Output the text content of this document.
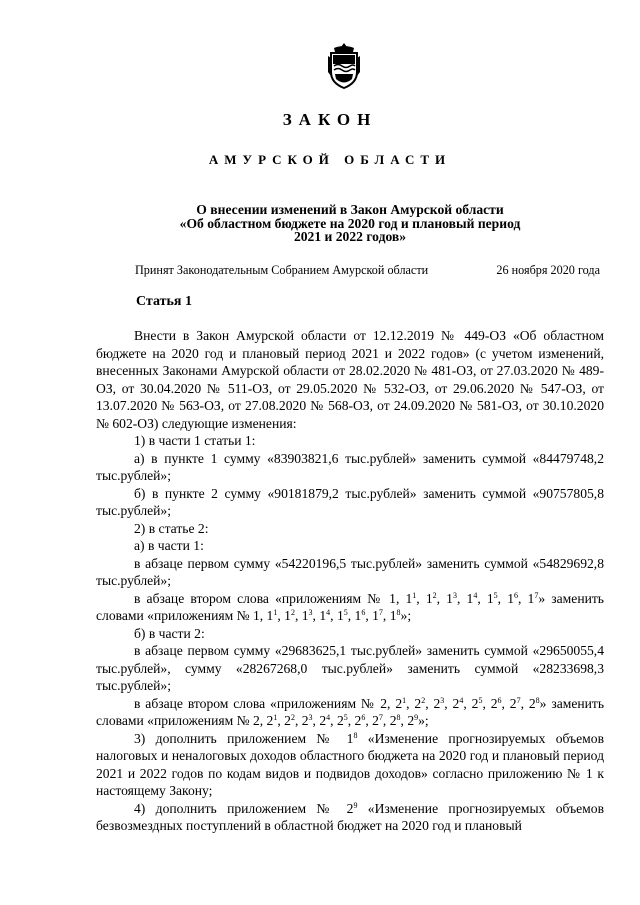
ЗАКОН
АМУРСКОЙ ОБЛАСТИ
О внесении изменений в Закон Амурской области
«Об областном бюджете на 2020 год и плановый период
2021 и 2022 годов»
Принят Законодательным Собранием Амурской области	26 ноября 2020 года
Статья 1

Внести в Закон Амурской области от 12.12.2019 № 449-ОЗ «Об областном бюджете на 2020 год и плановый период 2021 и 2022 годов» (с учетом изменений, внесенных Законами Амурской области от 28.02.2020 № 481-ОЗ, от 27.03.2020 № 489-ОЗ, от 30.04.2020 № 511-ОЗ, от 29.05.2020 № 532-ОЗ, от 29.06.2020 № 547-ОЗ, от 13.07.2020 № 563-ОЗ, от 27.08.2020 № 568-ОЗ, от 24.09.2020 № 581-ОЗ, от 30.10.2020 № 602-ОЗ) следующие изменения:

1) в части 1 статьи 1:

а) в пункте 1 сумму «83903821,6 тыс.рублей» заменить суммой «84479748,2 тыс.рублей»;

б) в пункте 2 сумму «90181879,2 тыс.рублей» заменить суммой «90757805,8 тыс.рублей»;

2) в статье 2:

а) в части 1:

в абзаце первом сумму «54220196,5 тыс.рублей» заменить суммой «54829692,8 тыс.рублей»;

в абзаце втором слова «приложениям № 1, $1^1$, $1^2$, $1^3$, $1^4$, $1^5$, $1^6$, $1^7$» заменить словами «приложениям № 1, $1^1$, $1^2$, $1^3$, $1^4$, $1^5$, $1^6$, $1^7$, $1^8$»;

б) в части 2:

в абзаце первом сумму «29683625,1 тыс.рублей» заменить суммой «29650055,4 тыс.рублей», сумму «28267268,0 тыс.рублей» заменить суммой «28233698,3 тыс.рублей»;

в абзаце втором слова «приложениям № 2, $2^1$, $2^2$, $2^3$, $2^4$, $2^5$, $2^6$, $2^7$, $2^8$» заменить словами «приложениям № 2, $2^1$, $2^2$, $2^3$, $2^4$, $2^5$, $2^6$, $2^7$, $2^8$, $2^9$»;

3) дополнить приложением № $1^8$ «Изменение прогнозируемых объемов налоговых и неналоговых доходов областного бюджета на 2020 год и плановый период 2021 и 2022 годов по кодам видов и подвидов доходов» согласно приложению № 1 к настоящему Закону;

4) дополнить приложением № $2^9$ «Изменение прогнозируемых объемов безвозмездных поступлений в областной бюджет на 2020 год и плановый
